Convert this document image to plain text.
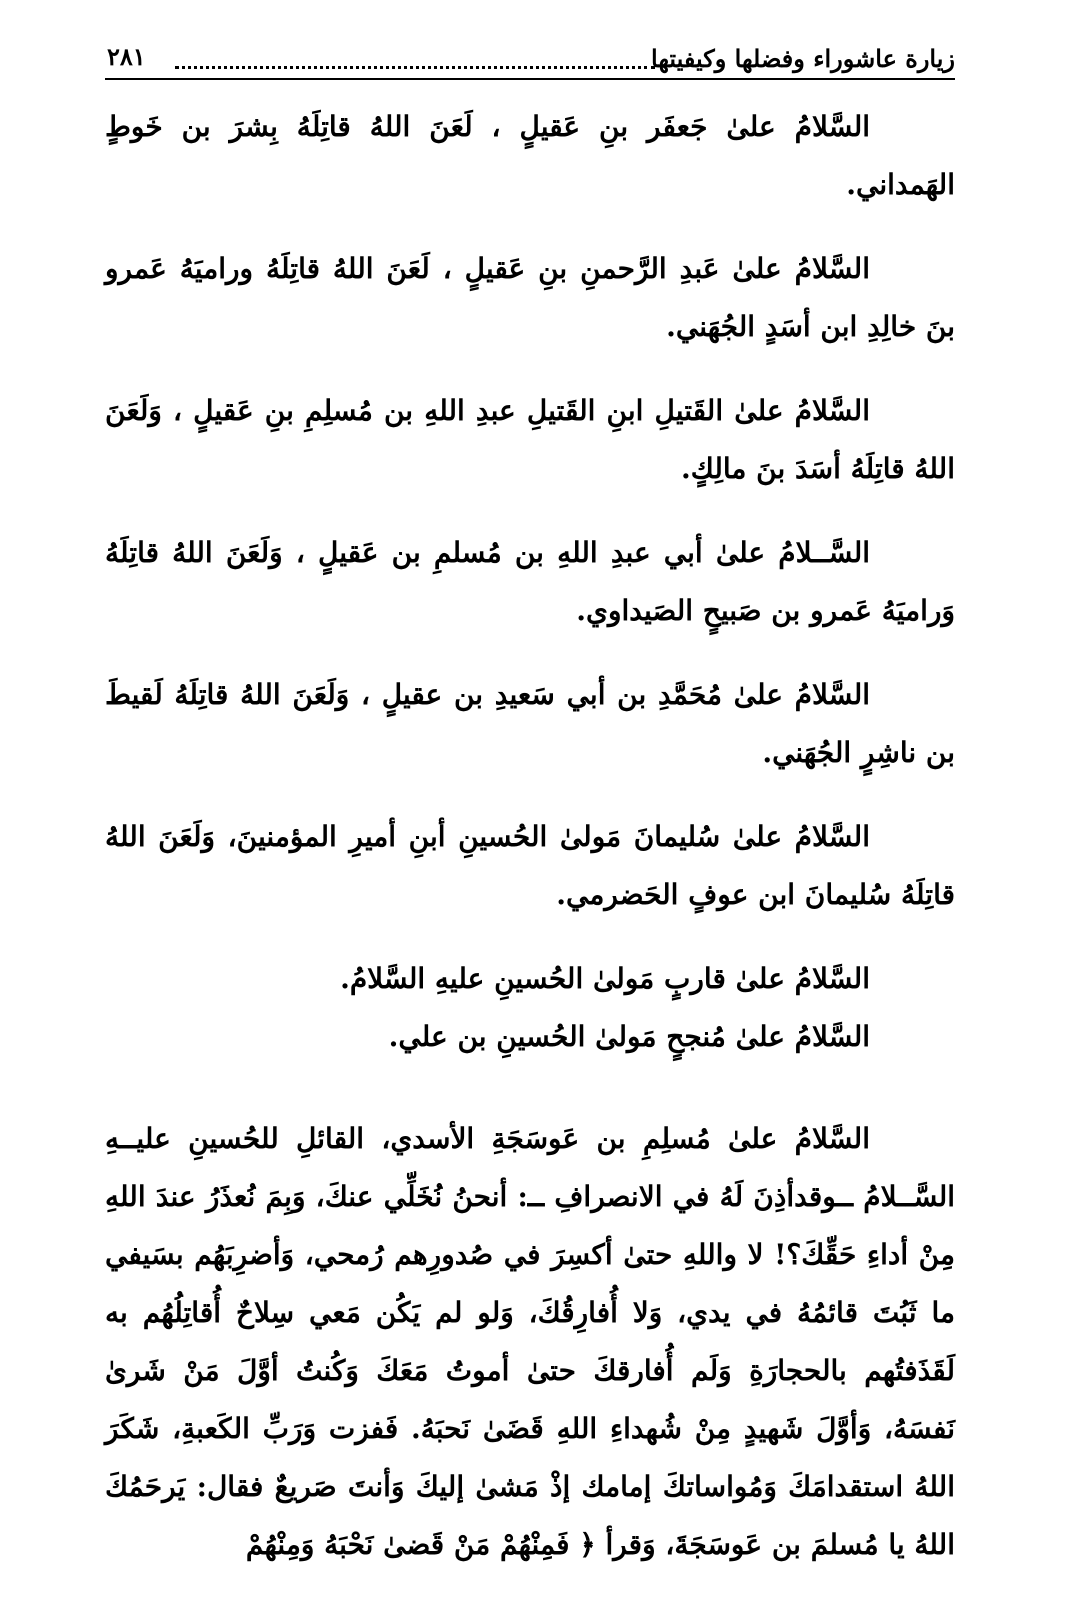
زيارة عاشوراء وفضلها وكيفيتها
٢٨١

السَّلامُ علىٰ جَعفَر بنِ عَقيلٍ ، لَعَنَ اللهُ قاتِلَهُ بِشرَ بن خَوطٍ الهَمداني.

السَّلامُ علىٰ عَبدِ الرَّحمنِ بنِ عَقيلٍ ، لَعَنَ اللهُ قاتِلَهُ وراميَهُ عَمرو بنَ خالِدِ ابن أسَدٍ الجُهَني.

السَّلامُ علىٰ القَتيلِ ابنِ القَتيلِ عبدِ اللهِ بن مُسلِمِ بنِ عَقيلٍ ، وَلَعَنَ اللهُ قاتِلَهُ أسَدَ بنَ مالِكٍ.

السَّــلامُ علىٰ أبي عبدِ اللهِ بن مُسلمِ بن عَقيلٍ ، وَلَعَنَ اللهُ قاتِلَهُ وَراميَهُ عَمرو بن صَبيحٍ الصَيداوي.

السَّلامُ علىٰ مُحَمَّدِ بن أبي سَعيدِ بن عقيلٍ ، وَلَعَنَ اللهُ قاتِلَهُ لَقيطَ بن ناشِرٍ الجُهَني.

السَّلامُ علىٰ سُليمانَ مَولىٰ الحُسينِ أبنِ أميرِ المؤمنينَ، وَلَعَنَ اللهُ قاتِلَهُ سُليمانَ ابن عوفٍ الحَضرمي.

السَّلامُ علىٰ قاربٍ مَولىٰ الحُسينِ عليهِ السَّلامُ.

السَّلامُ علىٰ مُنجحٍ مَولىٰ الحُسينِ بن علي.

السَّلامُ علىٰ مُسلِمِ بن عَوسَجَةِ الأسدي، القائلِ للحُسينِ عليــهِ السَّــلامُ ــوقدأذِنَ لَهُ في الانصرافِ ــ: أنحنُ نُخَلِّي عنكَ، وَبِمَ نُعذَرُ عندَ اللهِ مِنْ أداءِ حَقِّكَ؟! لا واللهِ حتىٰ أكسِرَ في صُدورِهم رُمحي، وَأضرِبَهُم بسَيفي ما ثَبُتَ قائمُهُ في يدي، وَلا أُفارِقُكَ، وَلو لم يَكُن مَعي سِلاحٌ أُقاتِلُهُم به لَقَذَفتُهم بالحجارَةِ وَلَم أُفارقكَ حتىٰ أموتُ مَعَكَ وَكُنتُ أوَّلَ مَنْ شَرىٰ نَفسَهُ، وَأوَّلَ شَهيدٍ مِنْ شُهداءِ اللهِ قَضَىٰ نَحبَهُ. فَفزت وَرَبِّ الكَعبةِ، شَكَرَ اللهُ استقدامَكَ وَمُواساتكَ إمامك إذْ مَشىٰ إليكَ وَأنتَ صَريعٌ فقال: يَرحَمُكَ اللهُ يا مُسلمَ بن عَوسَجَةَ، وَقرأ ﴿ فَمِنْهُمْ مَنْ قَضىٰ نَحْبَهُ وَمِنْهُمْ
